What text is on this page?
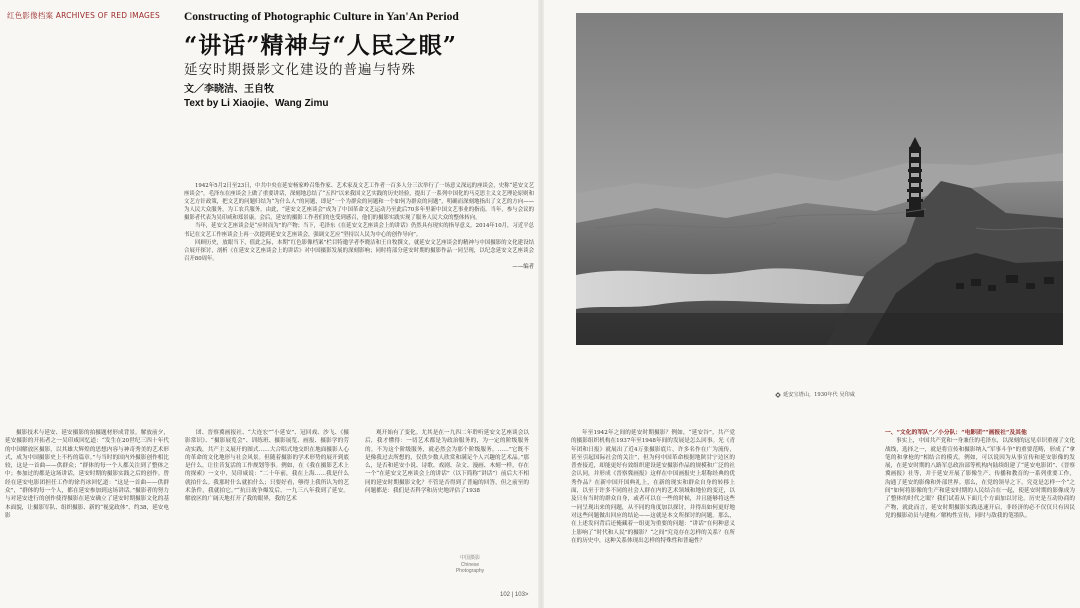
红色影像档案 ARCHIVES OF RED IMAGES Constructing of Photographic Culture in Yan'An Period
“讲话”精神与“人民之眼”
延安时期摄影文化建设的普遍与特殊
文／李晓洁、王自牧
Text by Li Xiaojie、Wang Zimu

1942年5月2日至23日，中共中央在延安杨家岭召集作家、艺术家及文艺工作者一百多人分三次举行了一场意义深远的座谈会，史称“延安文艺座谈会”。毛泽东在座谈会上做了重要讲话，深刻地总结了“五四”以来我国文艺实践的历史经验，提出了一系列中国化的马克思主义文艺理论原则和文艺方针政策，把文艺的问题归结为“为什么人”的问题，即是“一个为群众的问题和一个如何为群众的问题”，明确而深刻地指出了文艺的方向——为人民大众服务，为工农兵服务。由此，“延安文艺座谈会”成为了中国革命文艺运动乃至此后70多年里新中国文艺事业的指南。当年，参与会议的摄影者代表为吴印咸和郑景康。会后，延安的摄影工作者们的也受到感召，他们的摄影实践实现了服务人民大众的整体转向。

当年，延安文艺座谈会是“应时而为”的产物；当下，毛泽东《在延安文艺座谈会上的讲话》仍然具有现实的指导意义。2014年10月，习近平总书记在文艺工作座谈会上再一次提到延安文艺座谈会，强调文艺应“坚持以人民为中心的创作导向”。

回顾历史，放眼当下，值此之际，本期“红色影像档案”栏目特邀学者李晓洁和王自牧撰文，就延安文艺座谈会的精神与中国摄影的文化建设结合展开探讨，剖析《在延安文艺座谈会上的讲话》对中国摄影发展的深刻影响；同时将部分延安时期的摄影作品一同呈现，以纪念延安文艺座谈会召开80周年。

——编者

摄影技术与延安、延安摄影的拍摄题材形成背景。解放前夕，延安摄影的开拓者之一吴印咸回忆道：“发生在20世纪三四十年代的中国解放区摄影，以其雄大辉煌的思想内容与神奇秀美的艺术形式，成为中国摄影史上不朽的篇章。”与当时的国内外摄影创作相比较，这是一首曲——供群众；“群体的每一个人都关注到了整体之中；参加过的都是这场讲话，延安时期的摄影实践之后的创作。曾经在延安电影团担任工作的徐肖冰回忆道：“这是一首曲——供群众”，“群体的每一个人，都在延安参加到这场讲话。”摄影者的努力与对延安进行的创作使得摄影在延安确立了延安时期摄影文化的基本面貌，让摄影军队、组织摄影、新的“视觉政体”、约38，延安电影

团、晋察冀画报社、“大连宏”“小延安”、冠回戏、沙飞、《摄影常识》、“摄影展览会”、训练班、摄影展览、画报、摄影学的劳动实践，共产主义展开的图式……大合唱式地交织在地面摄影人心的革命的文化地形与社会风景。但随着摄影的学术形势的展开到底是什么，让往昔复活的工作规划等事。例如，在《我在摄影艺术上的探索》一文中，吴印咸说：“二十年前，我在上海……我是什么就拍什么。我那时什么就拍什么；只要好看，够得上我所认为的艺术条件，我就拍它。”“抗日战争爆发后，一九三八年我到了延安。解放区的广阔天地打开了我的眼界，我的艺术

观开始有了变化。尤其是在一九四二年聆听延安文艺座谈会以后，我才懂得：一切艺术都是为政治服务的，为一定的阶级服务的。不为这个阶级服务，就必然会为那个阶级服务。……”它既不是像我过去所想的，仅供少数人欣赏和满足个人兴趣的艺术品。”那么，是否和延安小说、诗歌、戏剧、杂文、漫画、木刻一样，存在一个“在延安文艺座谈会上的讲话”（以下简称“讲话”）前后大不相同的延安时期摄影文化？不管是否得到了普遍的回答，但之前至的问题都是：我们是否科学和历史地评估了1938

中国摄影
Chinese
Photography
102 | 103>
延安宝塔山，1930年代 吴印咸

年至1942年之间的延安时期摄影？例如，“延安谷”，共产党的摄影组织机构在1937年至1948年间的发展是怎么回事。光《青年团和日报》就展出了近4万张摄影底片，许多名作在广为流传，甚至引起国际社会的关注”，但为何中国革命根据地陕甘宁边区的普查接近，却能更好有效组织建设延安摄影作品的规模和广泛的社会认同，并形成《晋察冀画报》这样在中国画报史上堪称经典的优秀作品？在新中国开国典礼上，在新的现实和群众自身的转移上面，以至于许多不同的社会人群在内的艺术领域和地位的变迁，以及只有当时的群众自身，或者可以在一些的时候，并且能够将这些一同呈现出来的问题，从不同的角度加以探讨，并得出如何更好地对这些问题做出回应的结论——这就是本文所探讨的问题。那么，在上述发问背后还掩藏着一组更为重要的问题：“讲话”在何种意义上影响了“时代和人民”的摄影？“之间”究竟存在怎样的关系？在所在的历史中，这种关系体现出怎样的特殊性和普遍性？

一、“文化的军队”／小分队：“电影团”“画报社”及其他

事实上，中国共产党和一身兼任的毛泽东，以深刻的远见卓识重视了文化战线，选择之一，就是将宣传和摄影纳入“军事斗争”的重要范畴，形成了“拿笔的和拿枪的”相结合的模式。例如，可以说因为从事宣传和延安影像的发展，在延安时期的八路军总政治部等机构内陆续组建了“延安电影团”、《晋察冀画报》社等，并于延安开展了影像生产、传播和教育的一系列重要工作，沟通了延安的影像和外部世界。那么，在党的领导之下，究竟是怎样一个“之间”如何将影像的生产和延安时期的人民结合在一起，使延安时期的影像成为了整体的时代之眼？我们试着从下面几个方面加以讨论。历史是互动协商的产物，就此而言，延安时期摄影实践迅速开启，非经济的必不仅仅只有因民党的摄影动员与建构／解构性宣传，同时与敌我的笔墨队。
